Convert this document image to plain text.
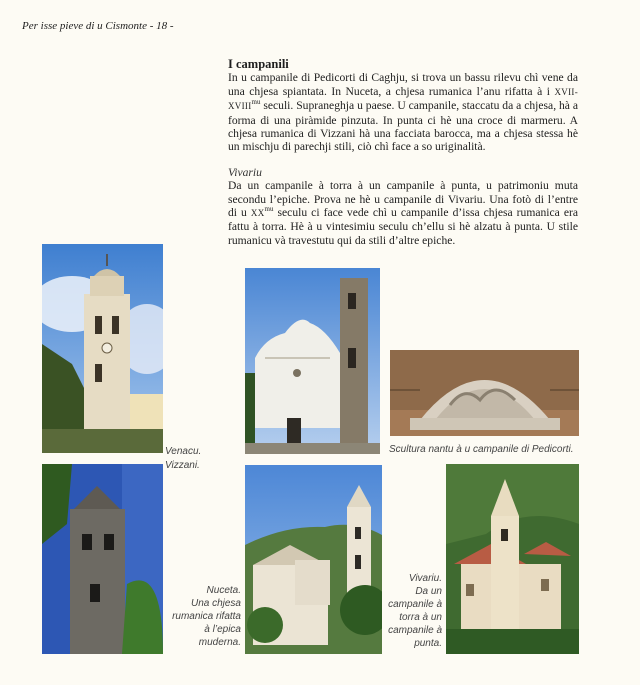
Per isse pieve di u Cismonte - 18 -

I campanili

In u campanile di Pedicorti di Caghju, si trova un bassu rilevu chì vene da una chjesa spiantata. In Nuceta, a chjesa rumanica l’anu rifatta à i XVII-$XVIII^{mu}$ seculi. Supraneghja u paese. U campanile, staccatu da a chjesa, hà a forma di una piràmide pinzuta. In punta ci hè una croce di marmeru. A chjesa rumanica di Vizzani hà una facciata barocca, ma a chjesa stessa hè un mischju di parechji stili, ciò chì face a so uriginalità.

Vivariu

Da un campanile à torra à un campanile à punta, u patrimoniu muta secondu l’epiche. Prova ne hè u campanile di Vivariu. Una fotò di l’entre di u $XX^{mu}$ seculu ci face vede chì u campanile d’issa chjesa rumanica era fattu à torra. Hè à u vintesimiu seculu ch’ellu si hè alzatu à punta. U stile rumanicu và travestutu qui da stili d’altre epiche.

Venacu.
Vizzani.
Scultura nantu à u campanile di Pedicorti.
Nuceta.
Una chjesa
rumanica rifatta
à l’epica
muderna.
Vivariu.
Da un
campanile à
torra à un
campanile à
punta.
